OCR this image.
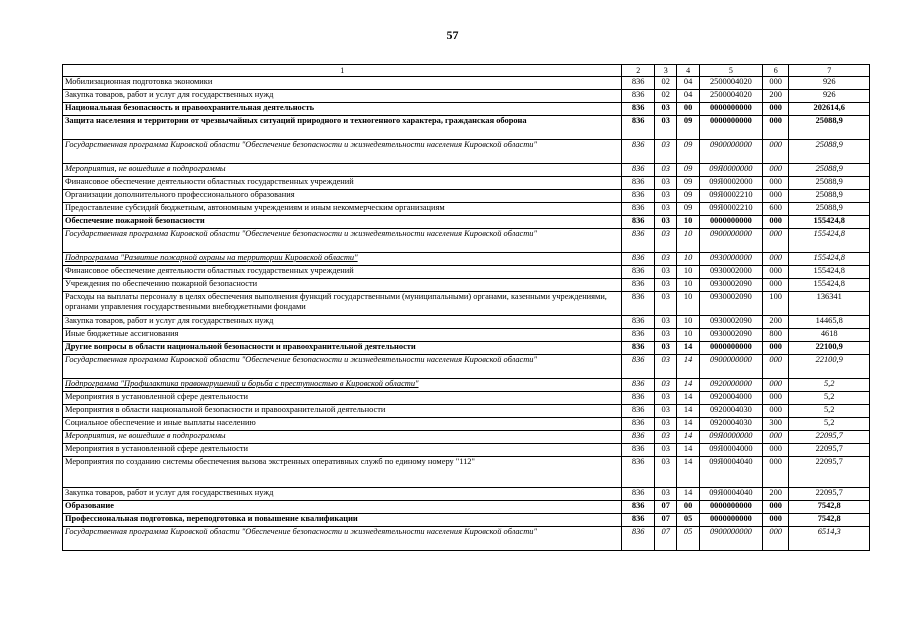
57
1	2	3	4	5	6	7
Мобилизационная подготовка экономики	836	02	04	2500004020	000	926
Закупка товаров, работ и услуг для государственных нужд	836	02	04	2500004020	200	926
Национальная безопасность и правоохранительная деятельность	836	03	00	0000000000	000	202614,6
Защита населения и территории от чрезвычайных ситуаций природного и техногенного характера, гражданская оборона	836	03	09	0000000000	000	25088,9
Государственная программа Кировской области "Обеспечение безопасности и жизнедеятельности населения Кировской области"	836	03	09	0900000000	000	25088,9
Мероприятия, не вошедшие в подпрограммы	836	03	09	09Я0000000	000	25088,9
Финансовое обеспечение деятельности областных государственных учреждений	836	03	09	09Я0002000	000	25088,9
Организации дополнительного профессионального образования	836	03	09	09Я0002210	000	25088,9
Предоставление субсидий бюджетным, автономным учреждениям и иным некоммерческим организациям	836	03	09	09Я0002210	600	25088,9
Обеспечение пожарной безопасности	836	03	10	0000000000	000	155424,8
Государственная программа Кировской области "Обеспечение безопасности и жизнедеятельности населения Кировской области"	836	03	10	0900000000	000	155424,8
Подпрограмма "Развитие пожарной охраны на территории Кировской области"	836	03	10	0930000000	000	155424,8
Финансовое обеспечение деятельности областных государственных учреждений	836	03	10	0930002000	000	155424,8
Учреждения по обеспечению пожарной безопасности	836	03	10	0930002090	000	155424,8
Расходы на выплаты персоналу в целях обеспечения выполнения функций государственными (муниципальными) органами, казенными учреждениями, органами управления государственными внебюджетными фондами	836	03	10	0930002090	100	136341
Закупка товаров, работ и услуг для государственных нужд	836	03	10	0930002090	200	14465,8
Иные бюджетные ассигнования	836	03	10	0930002090	800	4618
Другие вопросы в области национальной безопасности и правоохранительной деятельности	836	03	14	0000000000	000	22100,9
Государственная программа Кировской области "Обеспечение безопасности и жизнедеятельности населения Кировской области"	836	03	14	0900000000	000	22100,9
Подпрограмма "Профилактика правонарушений и борьба с преступностью в Кировской области"	836	03	14	0920000000	000	5,2
Мероприятия в установленной сфере деятельности	836	03	14	0920004000	000	5,2
Мероприятия в области национальной безопасности и правоохранительной деятельности	836	03	14	0920004030	000	5,2
Социальное обеспечение и иные выплаты населению	836	03	14	0920004030	300	5,2
Мероприятия, не вошедшие в подпрограммы	836	03	14	09Я0000000	000	22095,7
Мероприятия в установленной сфере деятельности	836	03	14	09Я0004000	000	22095,7
Мероприятия по созданию системы обеспечения вызова экстренных оперативных служб по единому номеру "112"	836	03	14	09Я0004040	000	22095,7
Закупка товаров, работ и услуг для государственных нужд	836	03	14	09Я0004040	200	22095,7
Образование	836	07	00	0000000000	000	7542,8
Профессиональная подготовка, переподготовка и повышение квалификации	836	07	05	0000000000	000	7542,8
Государственная программа Кировской области "Обеспечение безопасности и жизнедеятельности населения Кировской области"	836	07	05	0900000000	000	6514,3
